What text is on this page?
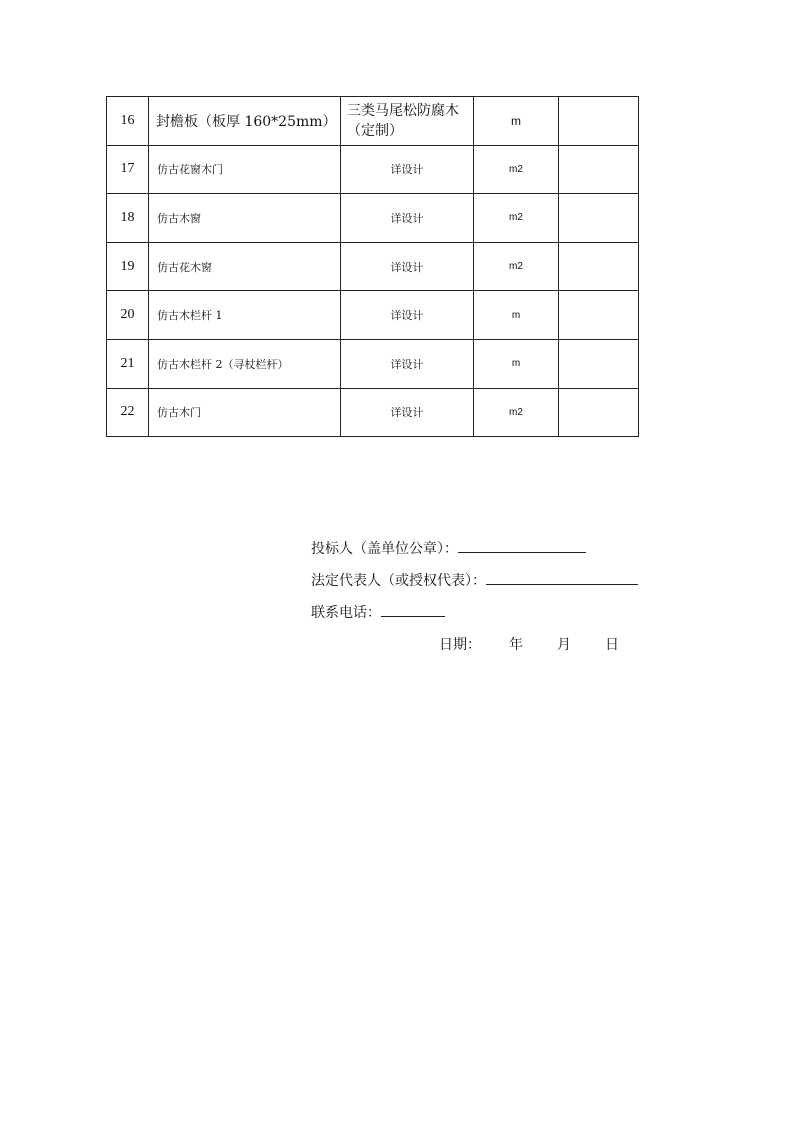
16	封檐板（板厚 160*25mm）	三类马尾松防腐木（定制）	m	
17	仿古花窗木门	详设计	m2	
18	仿古木窗	详设计	m2	
19	仿古花木窗	详设计	m2	
20	仿古木栏杆 1	详设计	m	
21	仿古木栏杆 2（寻杖栏杆）	详设计	m	
22	仿古木门	详设计	m2	
投标人（盖单位公章）：
法定代表人（或授权代表）：
联系电话：
日期： 年 月 日
